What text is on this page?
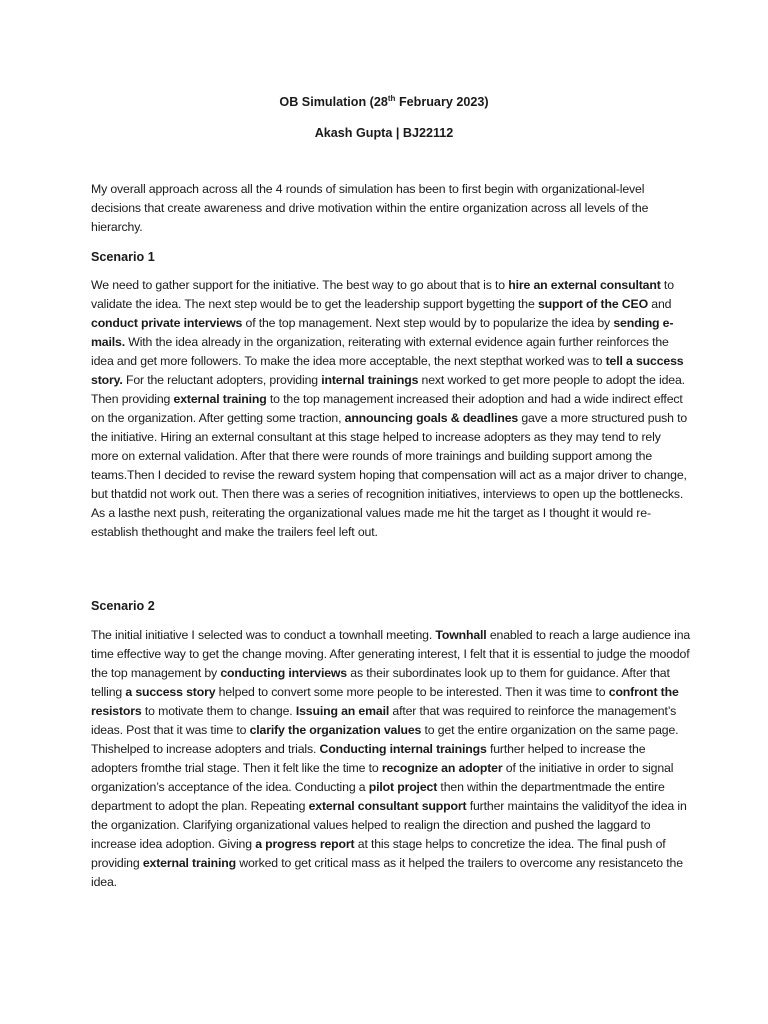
OB Simulation (28th February 2023)
Akash Gupta | BJ22112
My overall approach across all the 4 rounds of simulation has been to first begin with organizational-level decisions that create awareness and drive motivation within the entire organization across all levels of the hierarchy.
Scenario 1
We need to gather support for the initiative. The best way to go about that is to hire an external consultant to validate the idea. The next step would be to get the leadership support bygetting the support of the CEO and conduct private interviews of the top management. Next step would by to popularize the idea by sending e-mails. With the idea already in the organization, reiterating with external evidence again further reinforces the idea and get more followers. To make the idea more acceptable, the next stepthat worked was to tell a success story. For the reluctant adopters, providing internal trainings next worked to get more people to adopt the idea. Then providing external training to the top management increased their adoption and had a wide indirect effect on the organization. After getting some traction, announcing goals & deadlines gave a more structured push to the initiative. Hiring an external consultant at this stage helped to increase adopters as they may tend to rely more on external validation. After that there were rounds of more trainings and building support among the teams.Then I decided to revise the reward system hoping that compensation will act as a major driver to change, but thatdid not work out. Then there was a series of recognition initiatives, interviews to open up the bottlenecks. As a lasthe next push, reiterating the organizational values made me hit the target as I thought it would re-establish thethought and make the trailers feel left out.
Scenario 2
The initial initiative I selected was to conduct a townhall meeting. Townhall enabled to reach a large audience ina time effective way to get the change moving. After generating interest, I felt that it is essential to judge the moodof the top management by conducting interviews as their subordinates look up to them for guidance. After that telling a success story helped to convert some more people to be interested. Then it was time to confront the resistors to motivate them to change. Issuing an email after that was required to reinforce the management’s ideas. Post that it was time to clarify the organization values to get the entire organization on the same page. Thishelped to increase adopters and trials. Conducting internal trainings further helped to increase the adopters fromthe trial stage. Then it felt like the time to recognize an adopter of the initiative in order to signal organization’s acceptance of the idea. Conducting a pilot project then within the departmentmade the entire department to adopt the plan. Repeating external consultant support further maintains the validityof the idea in the organization. Clarifying organizational values helped to realign the direction and pushed the laggard to increase idea adoption. Giving a progress report at this stage helps to concretize the idea. The final push of providing external training worked to get critical mass as it helped the trailers to overcome any resistanceto the idea.
